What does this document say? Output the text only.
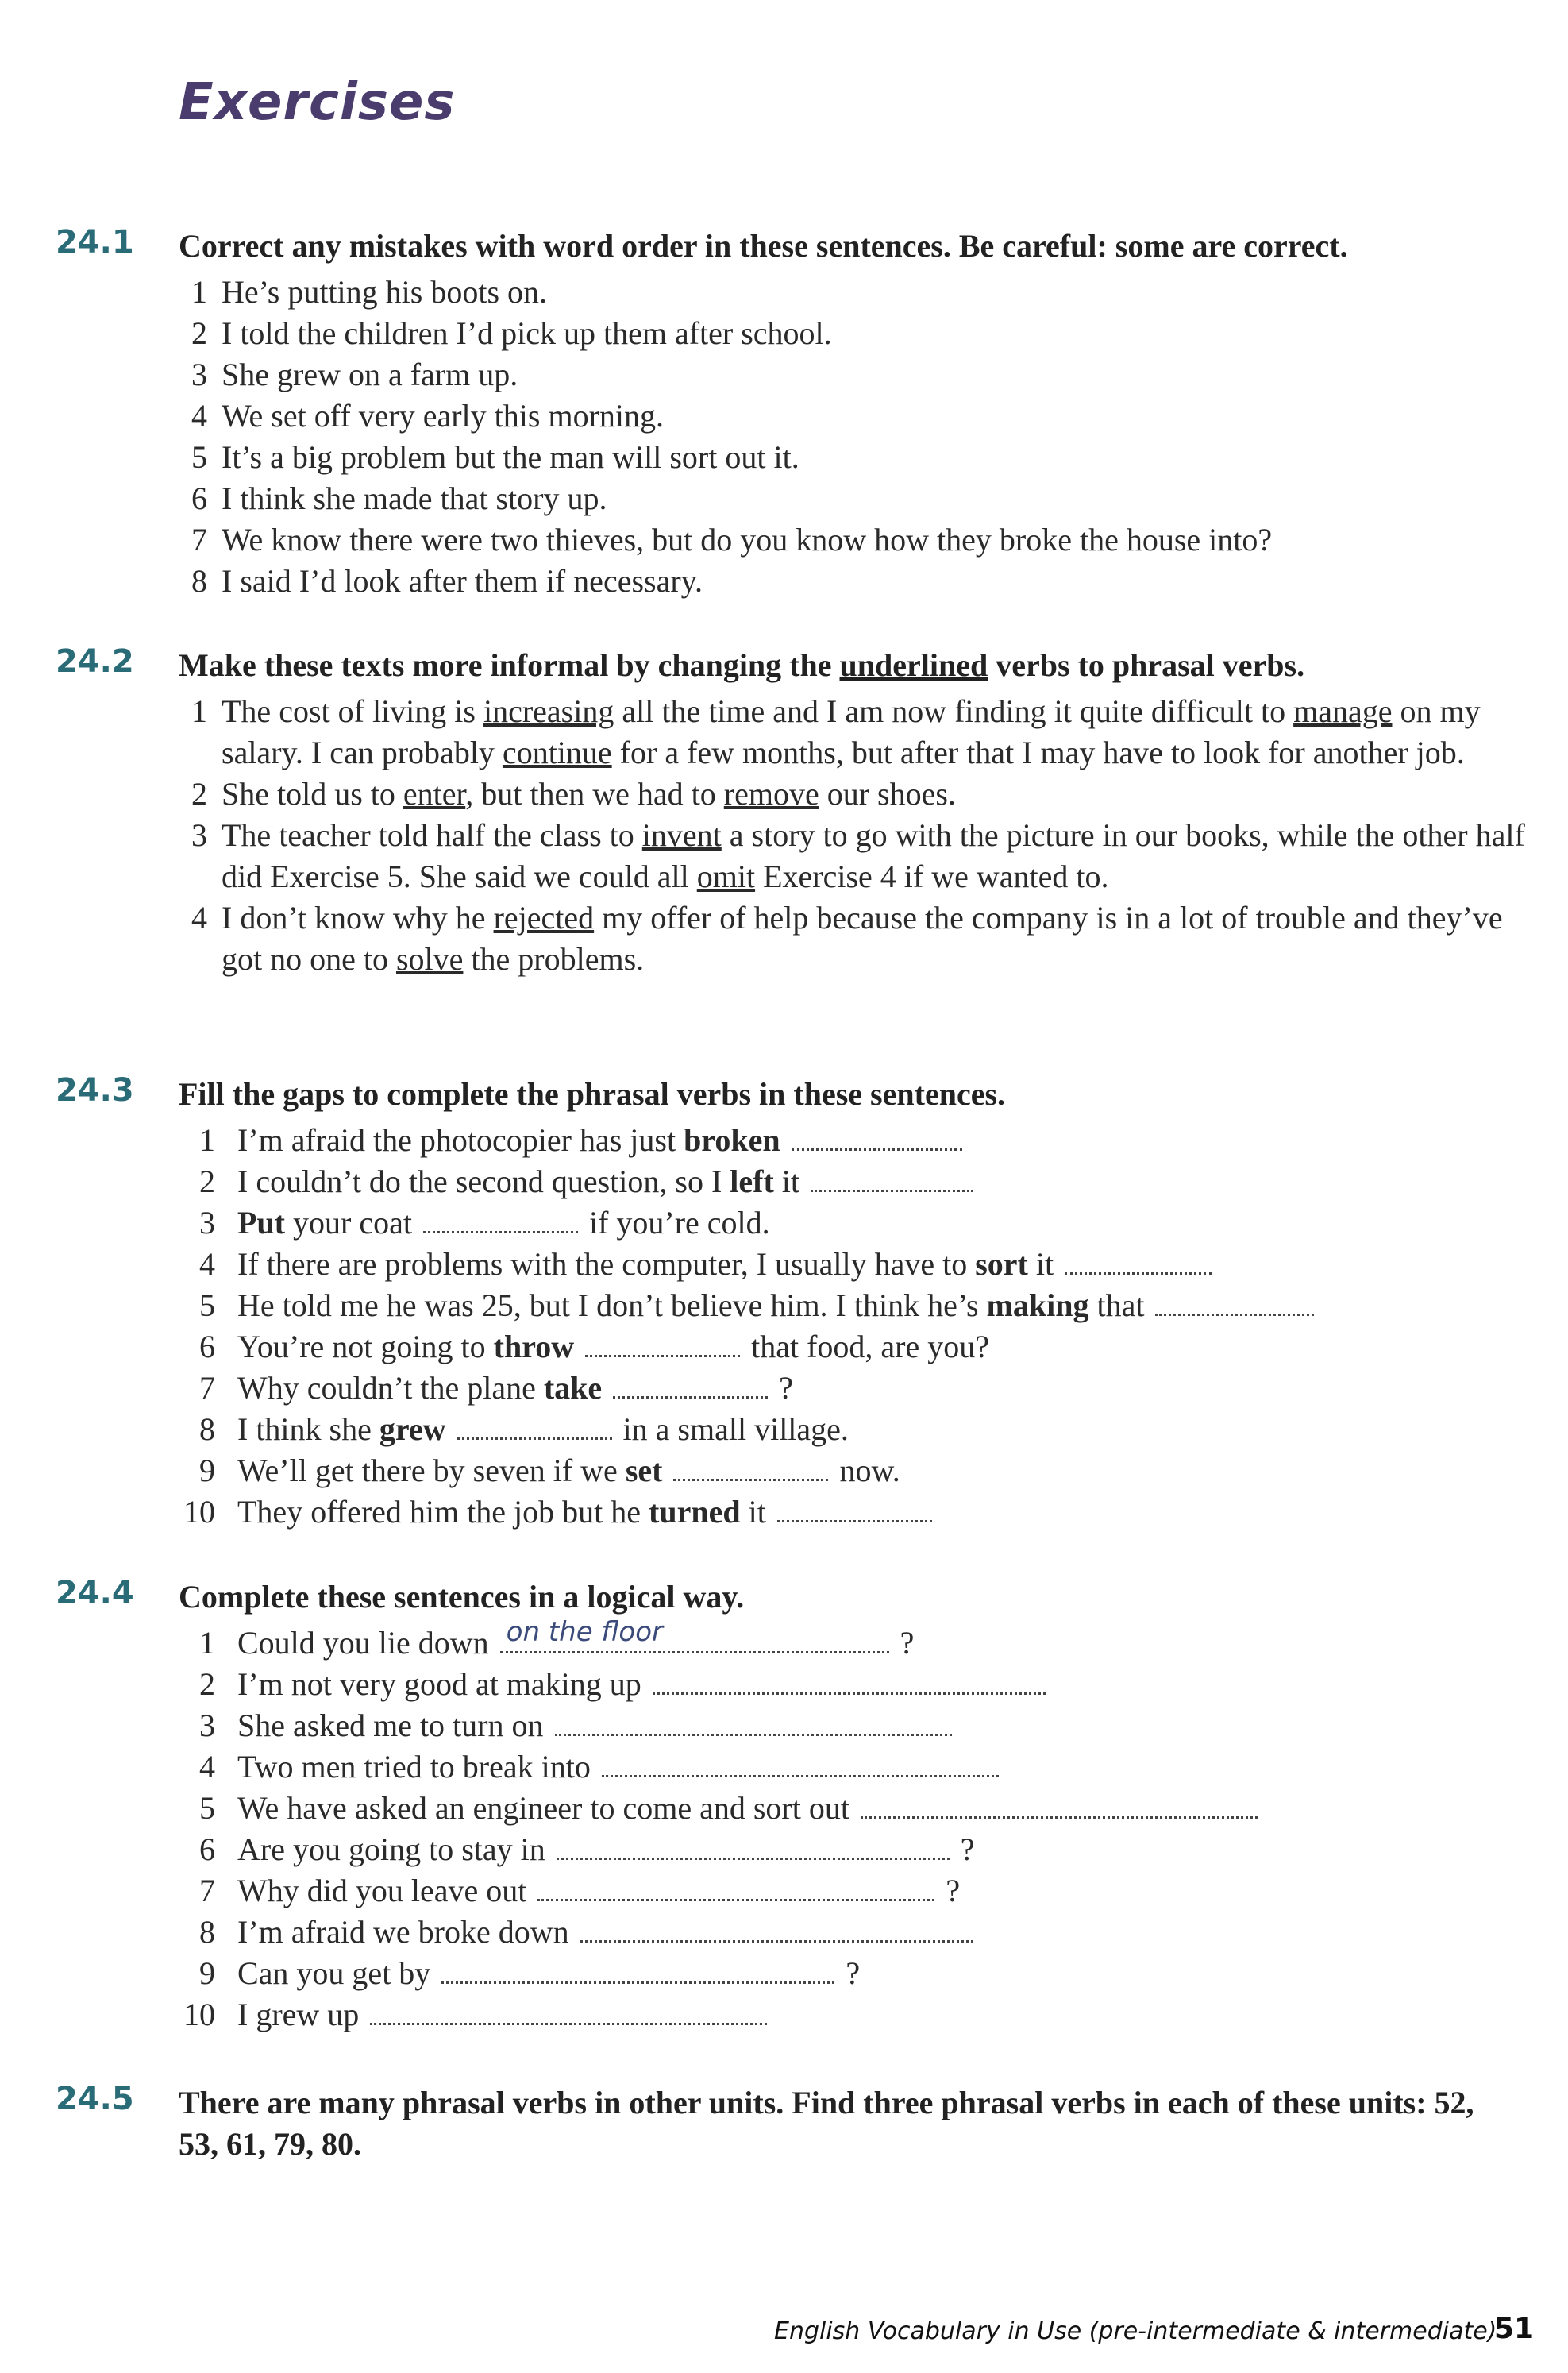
Exercises
24.1 Correct any mistakes with word order in these sentences. Be careful: some are correct.
1 He’s putting his boots on.
2 I told the children I’d pick up them after school.
3 She grew on a farm up.
4 We set off very early this morning.
5 It’s a big problem but the man will sort out it.
6 I think she made that story up.
7 We know there were two thieves, but do you know how they broke the house into?
8 I said I’d look after them if necessary.
24.2 Make these texts more informal by changing the underlined verbs to phrasal verbs.
1 The cost of living is increasing all the time and I am now finding it quite difficult to manage on my salary. I can probably continue for a few months, but after that I may have to look for another job.
2 She told us to enter, but then we had to remove our shoes.
3 The teacher told half the class to invent a story to go with the picture in our books, while the other half did Exercise 5. She said we could all omit Exercise 4 if we wanted to.
4 I don’t know why he rejected my offer of help because the company is in a lot of trouble and they’ve got no one to solve the problems.
24.3 Fill the gaps to complete the phrasal verbs in these sentences.
1 I’m afraid the photocopier has just broken
2 I couldn’t do the second question, so I left it
3 Put your coat	if you’re cold.
4 If there are problems with the computer, I usually have to sort it
5 He told me he was 25, but I don’t believe him. I think he’s making that
6 You’re not going to throw	that food, are you?
7 Why couldn’t the plane take	?
8 I think she grew	in a small village.
9 We’ll get there by seven if we set	now.
10 They offered him the job but he turned it
24.4 Complete these sentences in a logical way.
1 Could you lie down on the floor	?
2 I’m not very good at making up
3 She asked me to turn on
4 Two men tried to break into
5 We have asked an engineer to come and sort out
6 Are you going to stay in	?
7 Why did you leave out	?
8 I’m afraid we broke down
9 Can you get by	?
10 I grew up
24.5 There are many phrasal verbs in other units. Find three phrasal verbs in each of these units: 52, 53, 61, 79, 80.
English Vocabulary in Use (pre-intermediate & intermediate)
51
